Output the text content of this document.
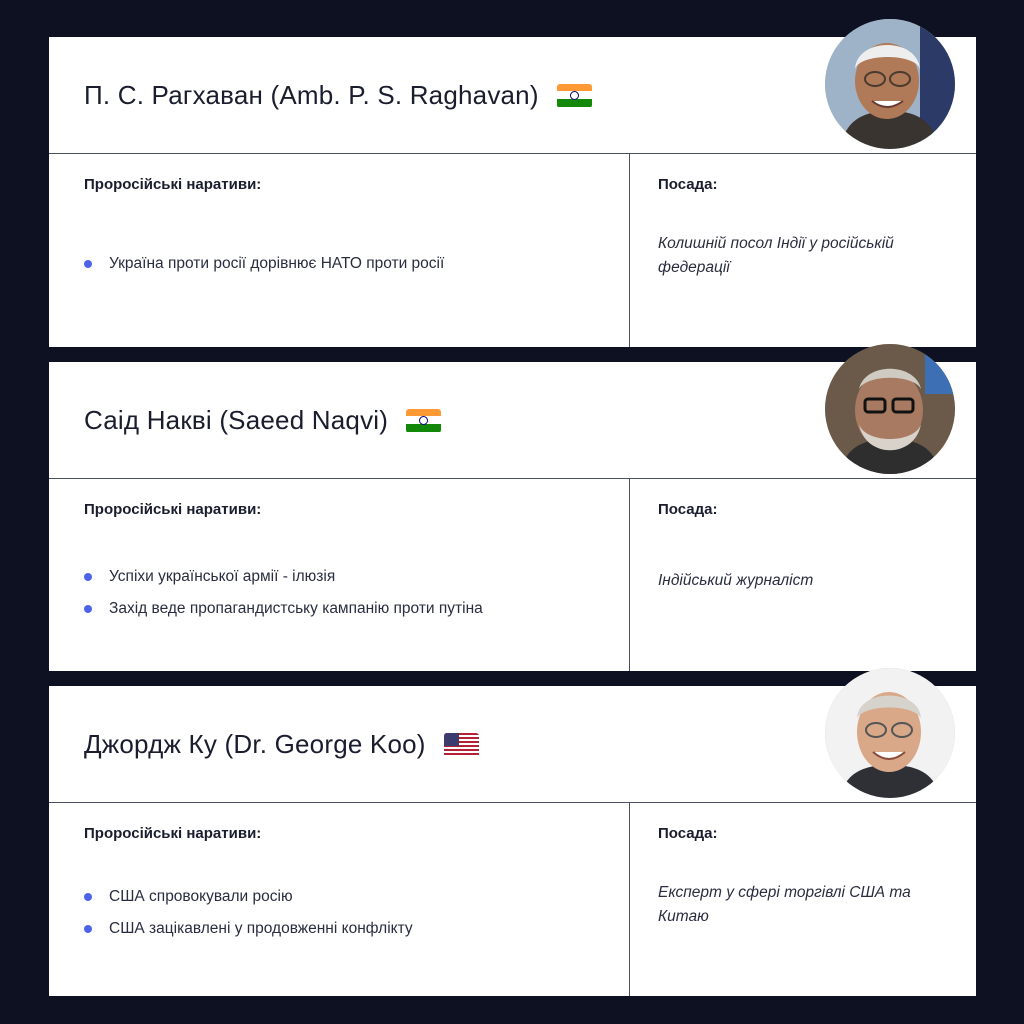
П. С. Рагхаван (Amb. P. S. Raghavan)
Проросійські наративи:
Україна проти росії дорівнює НАТО проти росії
Посада:
Колишній посол Індії у російській федерації
Саід Накві (Saeed Naqvi)
Проросійські наративи:
Успіхи української армії - ілюзія
Захід веде пропагандистську кампанію проти путіна
Посада:
Індійський журналіст
Джордж Ку (Dr. George Koo)
Проросійські наративи:
США спровокували росію
США зацікавлені у продовженні конфлікту
Посада:
Експерт у сфері торгівлі США та Китаю
